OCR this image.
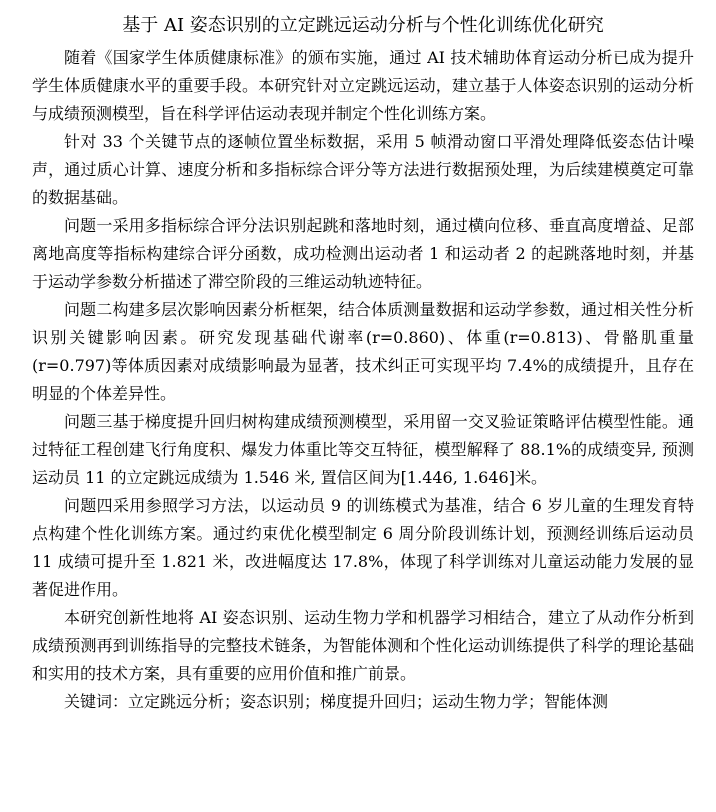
基于 AI 姿态识别的立定跳远运动分析与个性化训练优化研究

随着《国家学生体质健康标准》的颁布实施，通过 AI 技术辅助体育运动分析已成为提升学生体质健康水平的重要手段。本研究针对立定跳远运动，建立基于人体姿态识别的运动分析与成绩预测模型，旨在科学评估运动表现并制定个性化训练方案。

针对 33 个关键节点的逐帧位置坐标数据，采用 5 帧滑动窗口平滑处理降低姿态估计噪声，通过质心计算、速度分析和多指标综合评分等方法进行数据预处理，为后续建模奠定可靠的数据基础。

问题一采用多指标综合评分法识别起跳和落地时刻，通过横向位移、垂直高度增益、足部离地高度等指标构建综合评分函数，成功检测出运动者 1 和运动者 2 的起跳落地时刻，并基于运动学参数分析描述了滞空阶段的三维运动轨迹特征。

问题二构建多层次影响因素分析框架，结合体质测量数据和运动学参数，通过相关性分析识别关键影响因素。研究发现基础代谢率(r=0.860)、体重(r=0.813)、骨骼肌重量(r=0.797)等体质因素对成绩影响最为显著，技术纠正可实现平均 7.4%的成绩提升，且存在明显的个体差异性。

问题三基于梯度提升回归树构建成绩预测模型，采用留一交叉验证策略评估模型性能。通过特征工程创建飞行角度积、爆发力体重比等交互特征，模型解释了 88.1%的成绩变异, 预测运动员 11 的立定跳远成绩为 1.546 米, 置信区间为[1.446, 1.646]米。

问题四采用参照学习方法，以运动员 9 的训练模式为基准，结合 6 岁儿童的生理发育特点构建个性化训练方案。通过约束优化模型制定 6 周分阶段训练计划，预测经训练后运动员 11 成绩可提升至 1.821 米，改进幅度达 17.8%，体现了科学训练对儿童运动能力发展的显著促进作用。

本研究创新性地将 AI 姿态识别、运动生物力学和机器学习相结合，建立了从动作分析到成绩预测再到训练指导的完整技术链条，为智能体测和个性化运动训练提供了科学的理论基础和实用的技术方案，具有重要的应用价值和推广前景。

关键词：立定跳远分析；姿态识别；梯度提升回归；运动生物力学；智能体测
